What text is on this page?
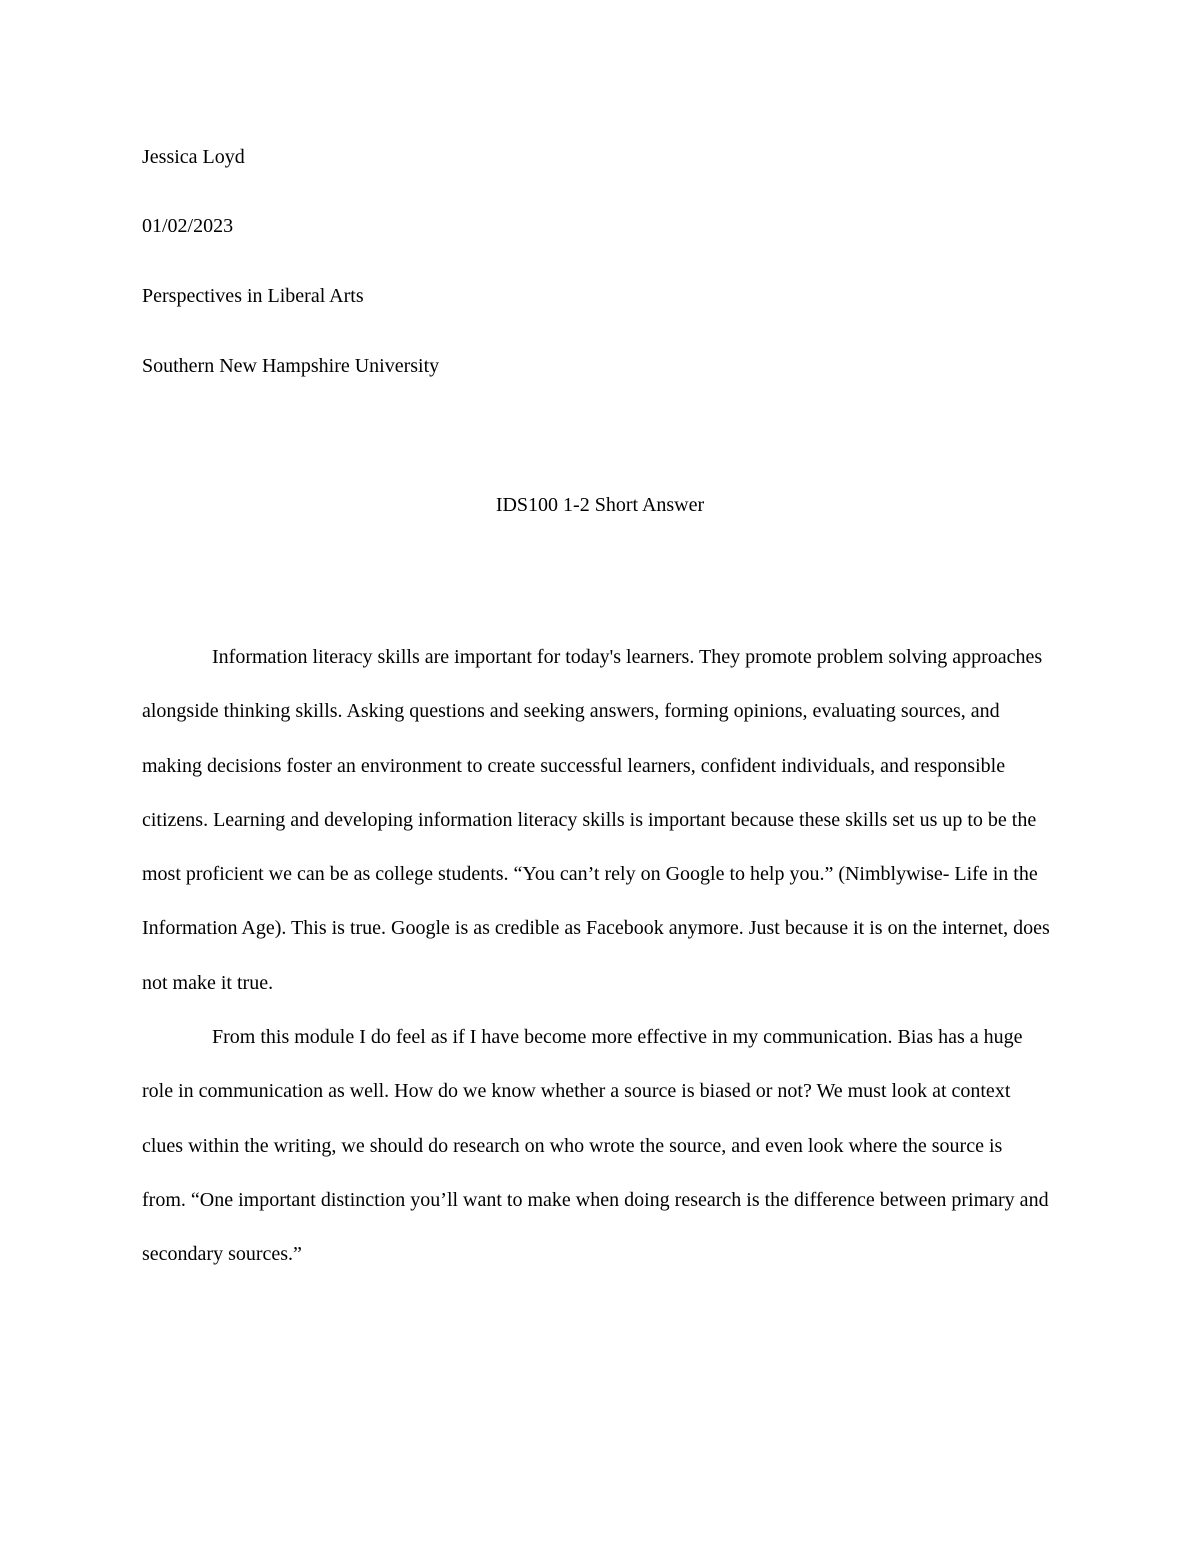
Jessica Loyd

01/02/2023

Perspectives in Liberal Arts

Southern New Hampshire University

IDS100 1-2 Short Answer

Information literacy skills are important for today's learners. They promote problem solving approaches alongside thinking skills. Asking questions and seeking answers, forming opinions, evaluating sources, and making decisions foster an environment to create successful learners, confident individuals, and responsible citizens. Learning and developing information literacy skills is important because these skills set us up to be the most proficient we can be as college students. “You can’t rely on Google to help you.” (Nimblywise- Life in the Information Age). This is true. Google is as credible as Facebook anymore. Just because it is on the internet, does not make it true.

From this module I do feel as if I have become more effective in my communication. Bias has a huge role in communication as well. How do we know whether a source is biased or not? We must look at context clues within the writing, we should do research on who wrote the source, and even look where the source is from. “One important distinction you’ll want to make when doing research is the difference between primary and secondary sources.”
